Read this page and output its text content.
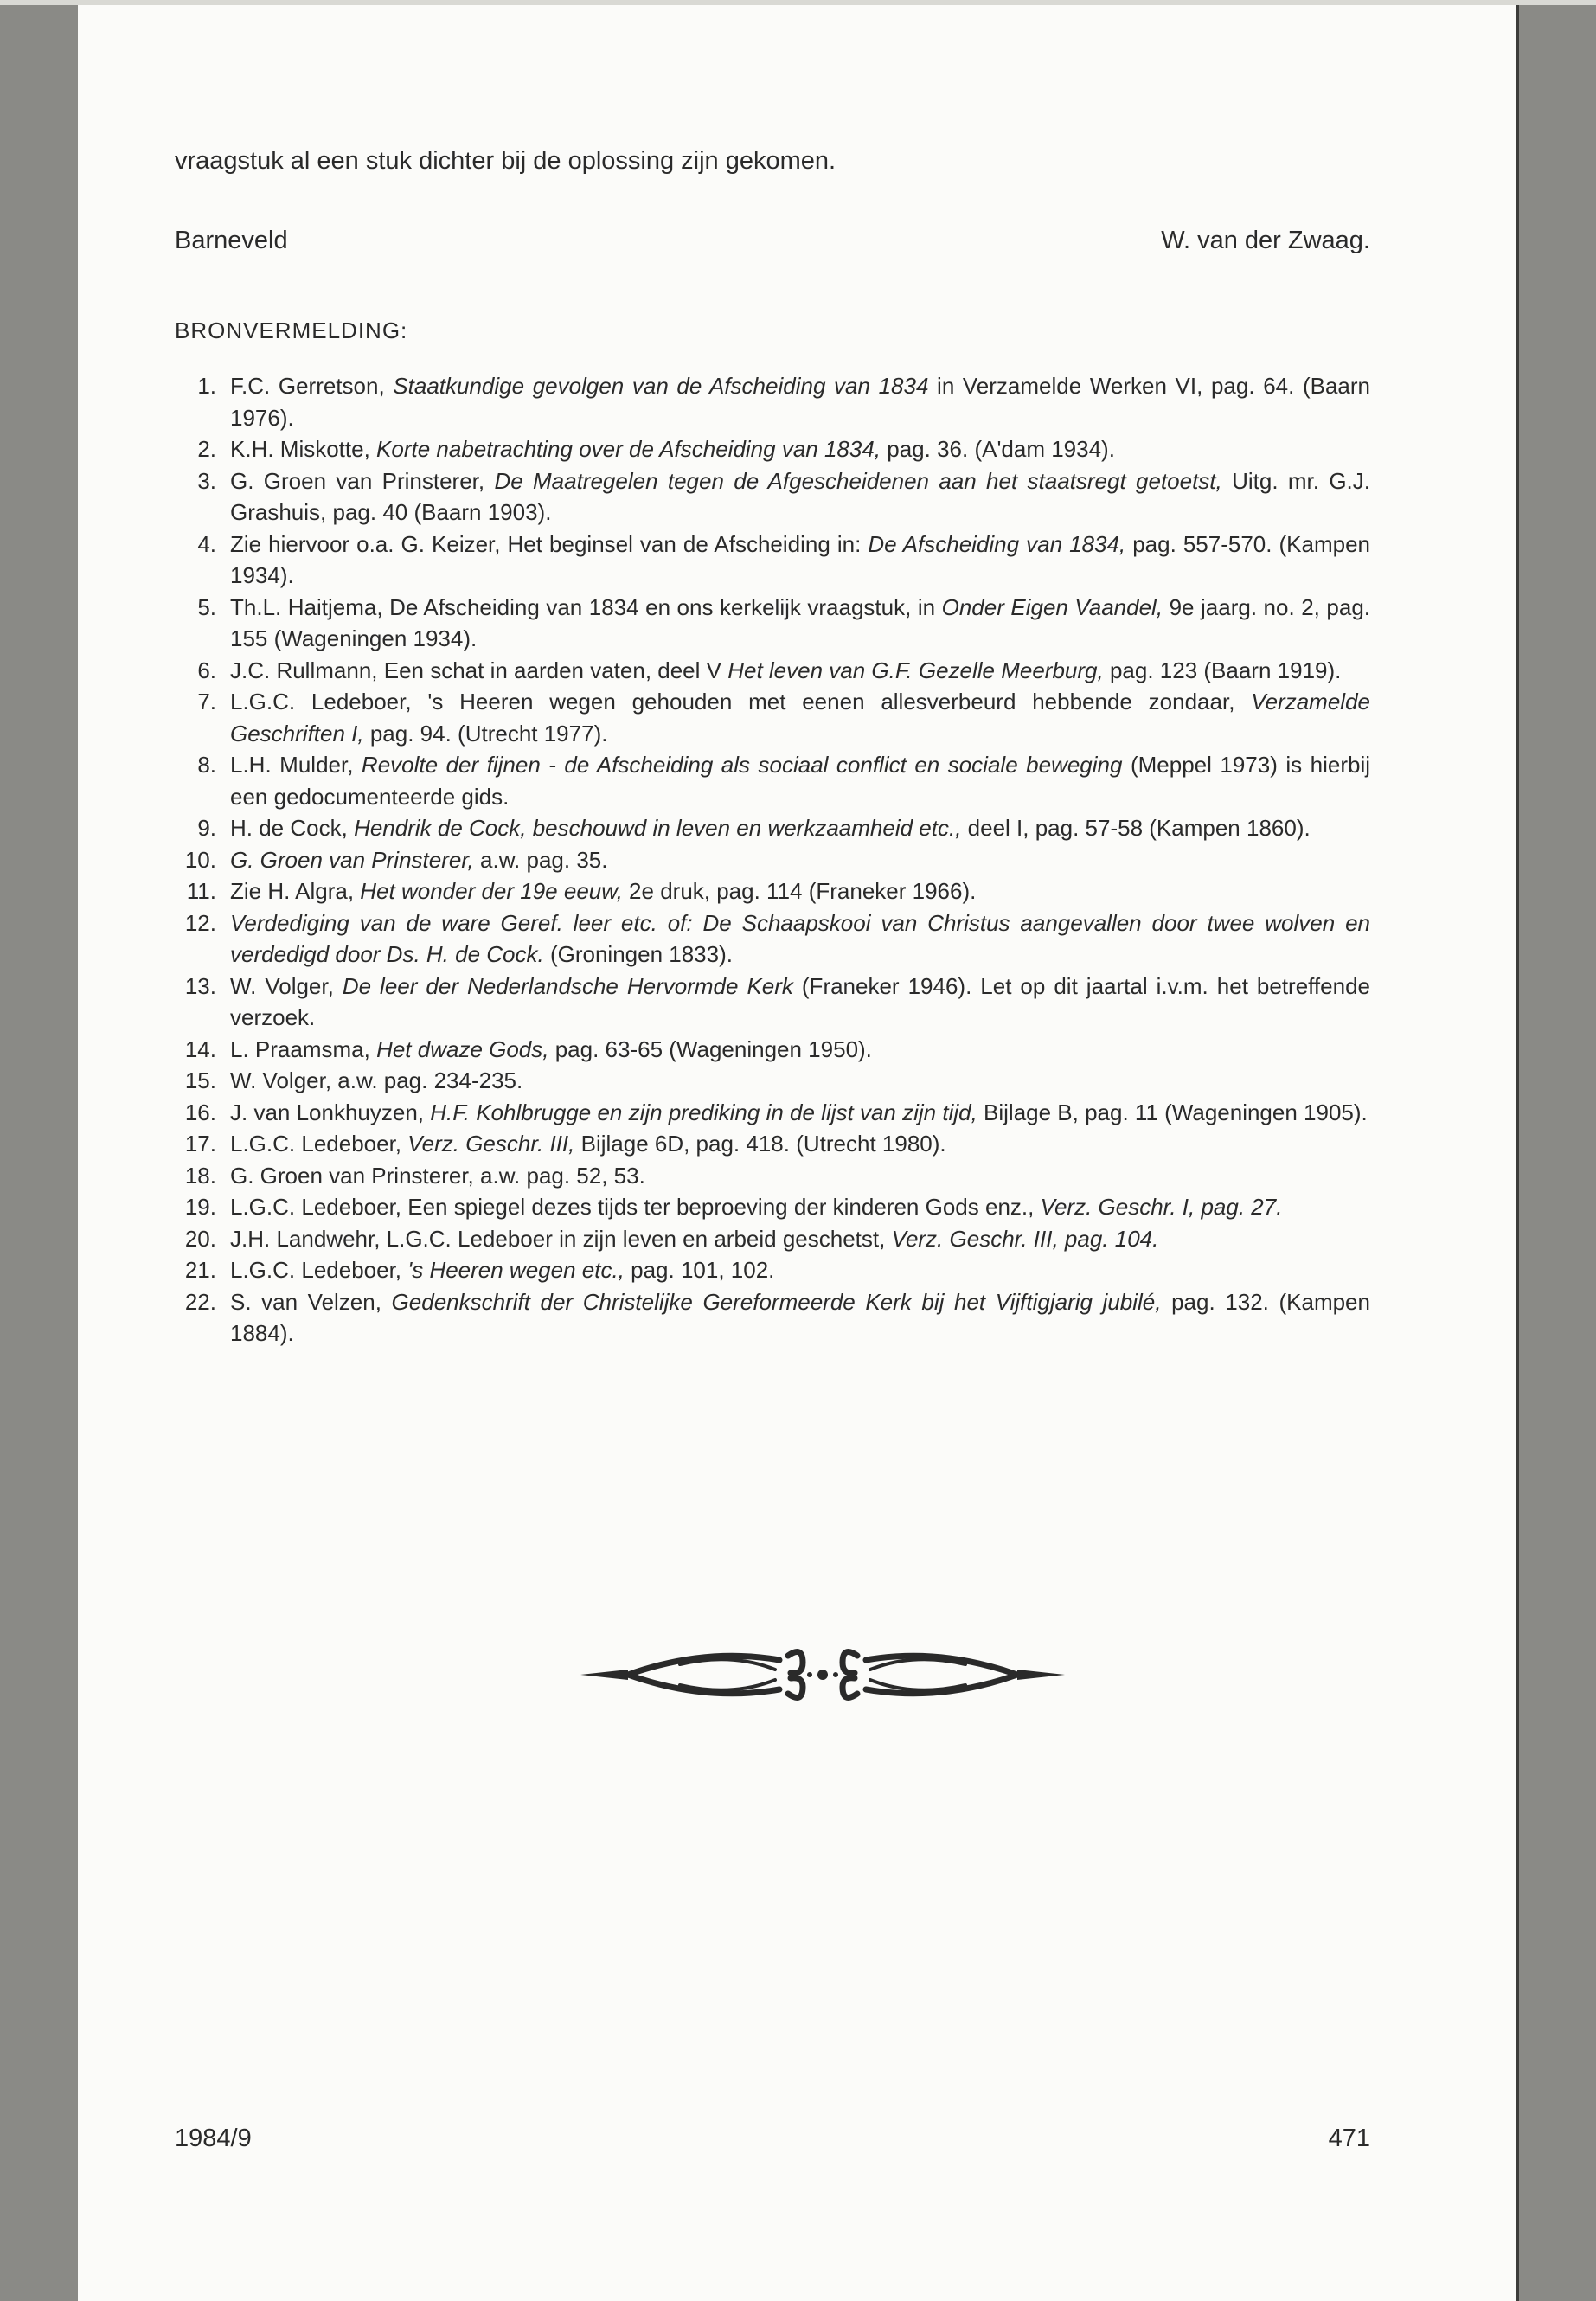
vraagstuk al een stuk dichter bij de oplossing zijn gekomen.

Barneveld	W. van der Zwaag.
BRONVERMELDING:
1. F.C. Gerretson, Staatkundige gevolgen van de Afscheiding van 1834 in Verzamelde Werken VI, pag. 64. (Baarn 1976).
2. K.H. Miskotte, Korte nabetrachting over de Afscheiding van 1834, pag. 36. (A'dam 1934).
3. G. Groen van Prinsterer, De Maatregelen tegen de Afgescheidenen aan het staatsregt getoetst, Uitg. mr. G.J. Grashuis, pag. 40 (Baarn 1903).
4. Zie hiervoor o.a. G. Keizer, Het beginsel van de Afscheiding in: De Afscheiding van 1834, pag. 557-570. (Kampen 1934).
5. Th.L. Haitjema, De Afscheiding van 1834 en ons kerkelijk vraagstuk, in Onder Eigen Vaandel, 9e jaarg. no. 2, pag. 155 (Wageningen 1934).
6. J.C. Rullmann, Een schat in aarden vaten, deel V Het leven van G.F. Gezelle Meerburg, pag. 123 (Baarn 1919).
7. L.G.C. Ledeboer, 's Heeren wegen gehouden met eenen allesverbeurd hebbende zondaar, Verzamelde Geschriften I, pag. 94. (Utrecht 1977).
8. L.H. Mulder, Revolte der fijnen - de Afscheiding als sociaal conflict en sociale beweging (Meppel 1973) is hierbij een gedocumenteerde gids.
9. H. de Cock, Hendrik de Cock, beschouwd in leven en werkzaamheid etc., deel I, pag. 57-58 (Kampen 1860).
10. G. Groen van Prinsterer, a.w. pag. 35.
11. Zie H. Algra, Het wonder der 19e eeuw, 2e druk, pag. 114 (Franeker 1966).
12. Verdediging van de ware Geref. leer etc. of: De Schaapskooi van Christus aangevallen door twee wolven en verdedigd door Ds. H. de Cock. (Groningen 1833).
13. W. Volger, De leer der Nederlandsche Hervormde Kerk (Franeker 1946). Let op dit jaartal i.v.m. het betreffende verzoek.
14. L. Praamsma, Het dwaze Gods, pag. 63-65 (Wageningen 1950).
15. W. Volger, a.w. pag. 234-235.
16. J. van Lonkhuyzen, H.F. Kohlbrugge en zijn prediking in de lijst van zijn tijd, Bijlage B, pag. 11 (Wageningen 1905).
17. L.G.C. Ledeboer, Verz. Geschr. III, Bijlage 6D, pag. 418. (Utrecht 1980).
18. G. Groen van Prinsterer, a.w. pag. 52, 53.
19. L.G.C. Ledeboer, Een spiegel dezes tijds ter beproeving der kinderen Gods enz., Verz. Geschr. I, pag. 27.
20. J.H. Landwehr, L.G.C. Ledeboer in zijn leven en arbeid geschetst, Verz. Geschr. III, pag. 104.
21. L.G.C. Ledeboer, 's Heeren wegen etc., pag. 101, 102.
22. S. van Velzen, Gedenkschrift der Christelijke Gereformeerde Kerk bij het Vijftigjarig jubilé, pag. 132. (Kampen 1884).
1984/9	471
